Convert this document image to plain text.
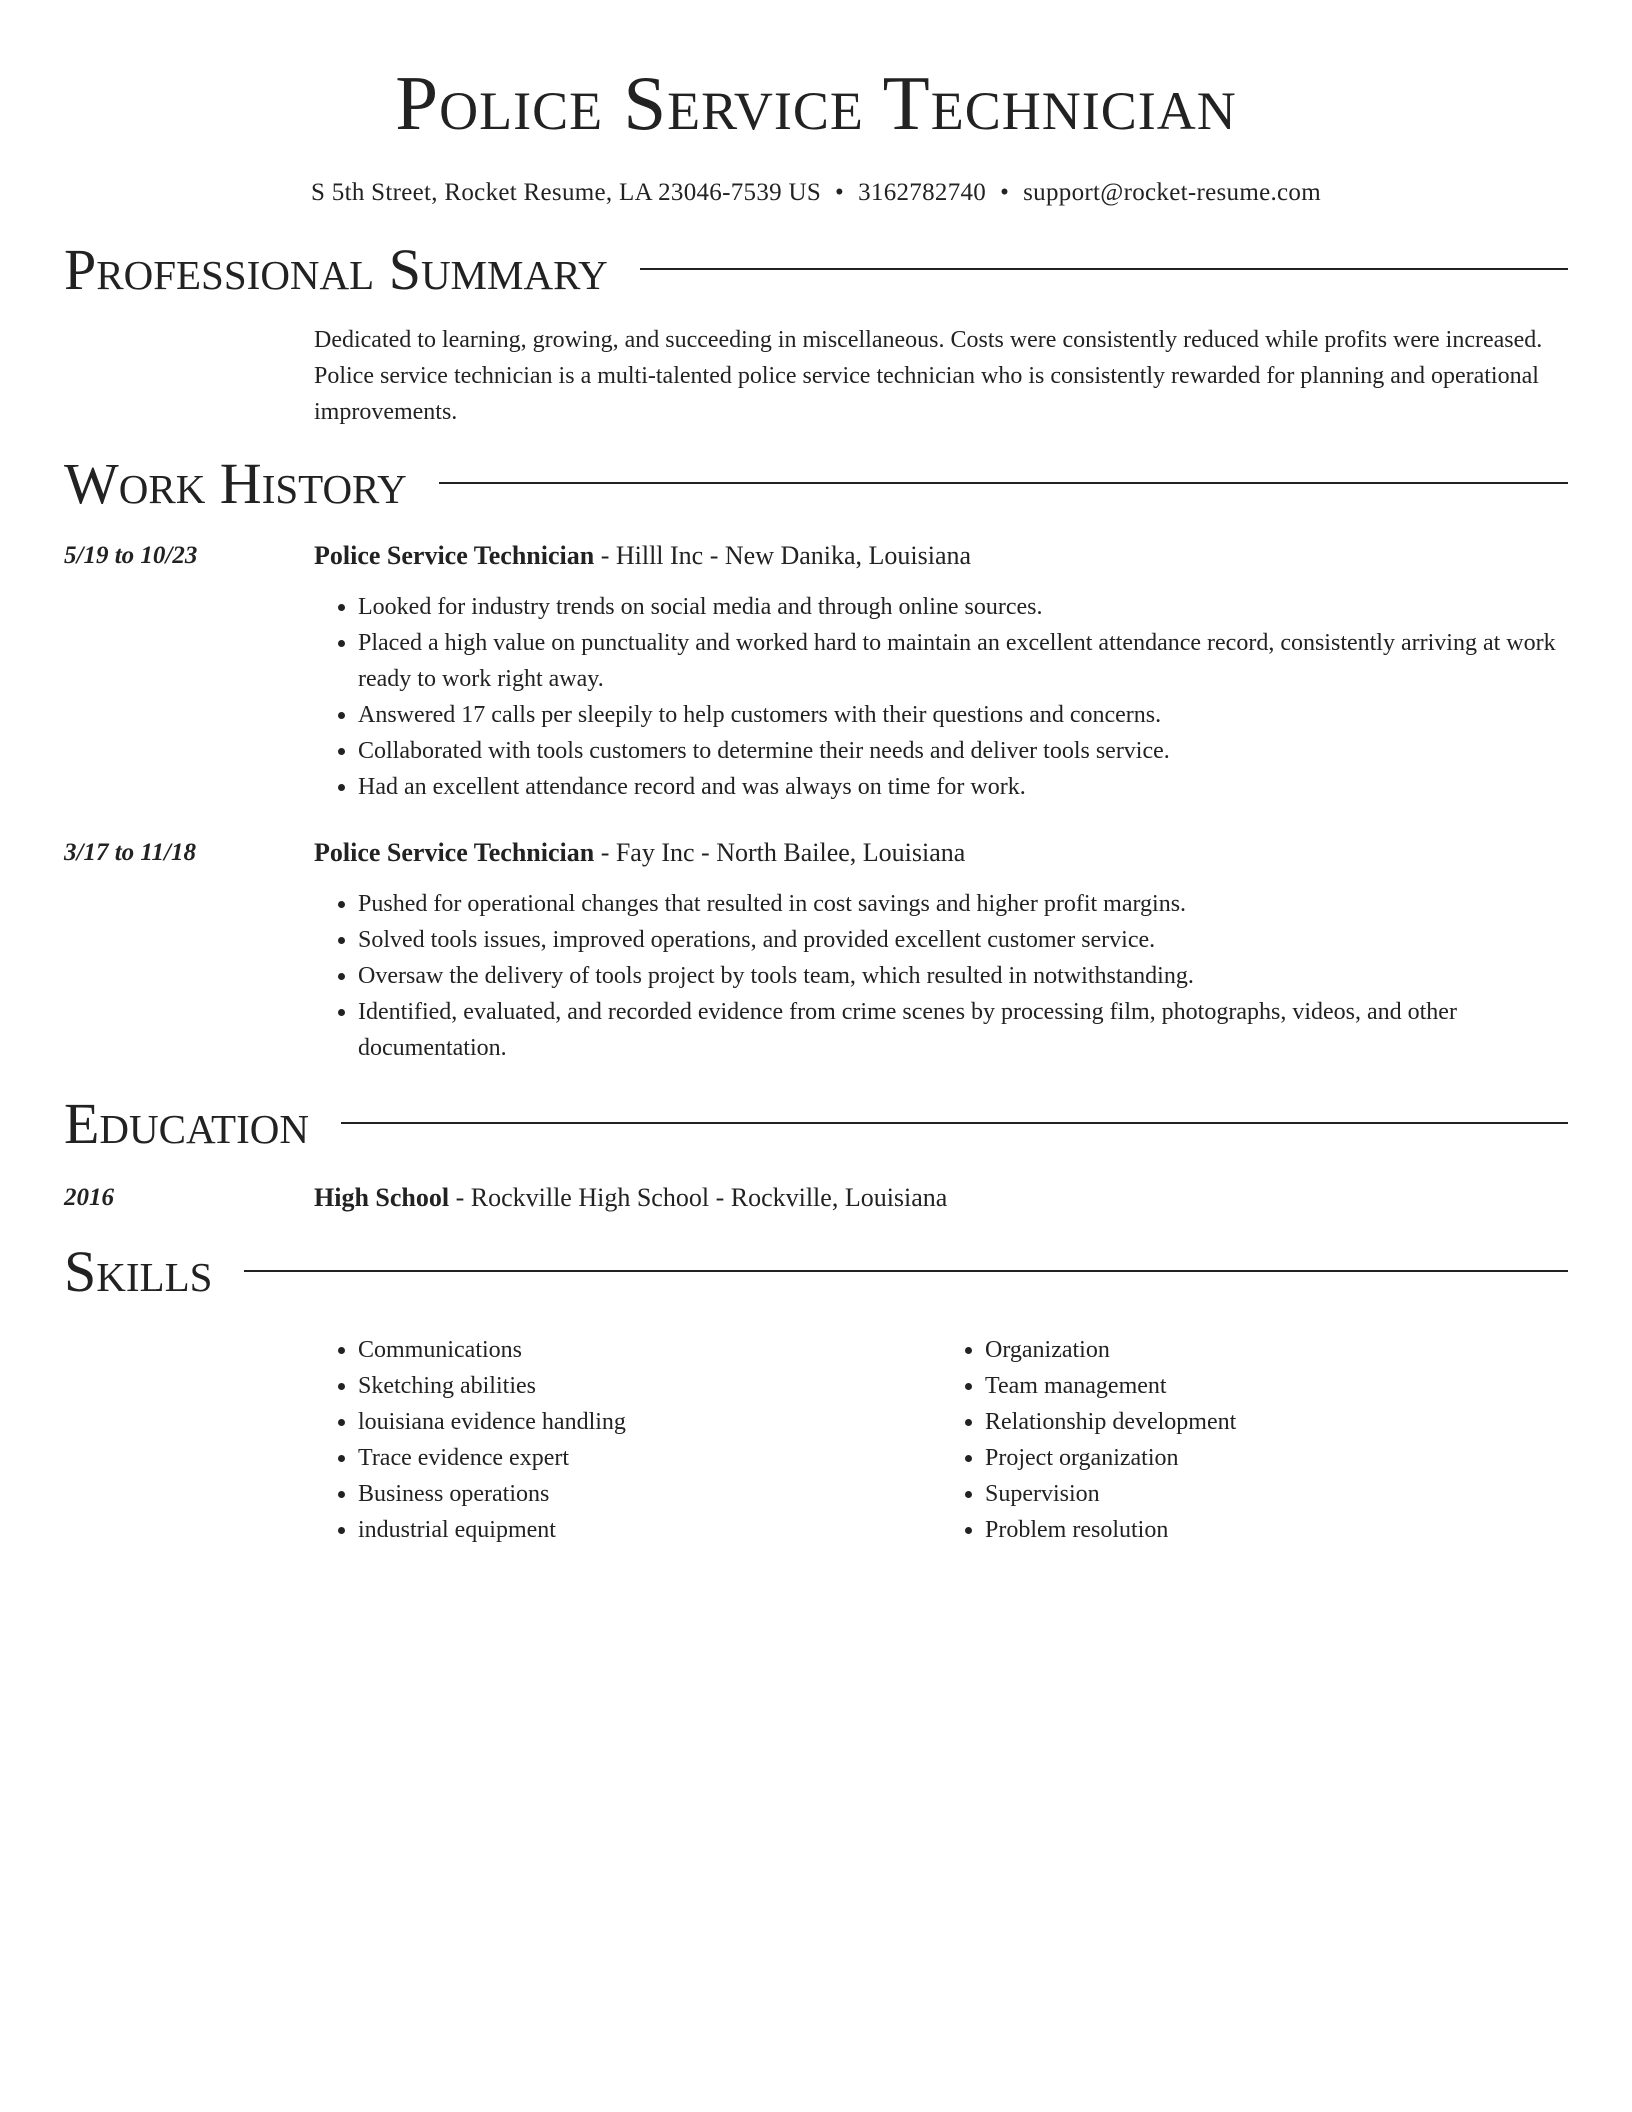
Police Service Technician
S 5th Street, Rocket Resume, LA 23046-7539 US • 3162782740 • support@rocket-resume.com
Professional Summary

Dedicated to learning, growing, and succeeding in miscellaneous. Costs were consistently reduced while profits were increased. Police service technician is a multi-talented police service technician who is consistently rewarded for planning and operational improvements.

Work History
5/19 to 10/23	Police Service Technician - Hilll Inc - New Danika, Louisiana
• Looked for industry trends on social media and through online sources.
• Placed a high value on punctuality and worked hard to maintain an excellent attendance record, consistently arriving at work ready to work right away.
• Answered 17 calls per sleepily to help customers with their questions and concerns.
• Collaborated with tools customers to determine their needs and deliver tools service.
• Had an excellent attendance record and was always on time for work.
3/17 to 11/18	Police Service Technician - Fay Inc - North Bailee, Louisiana
• Pushed for operational changes that resulted in cost savings and higher profit margins.
• Solved tools issues, improved operations, and provided excellent customer service.
• Oversaw the delivery of tools project by tools team, which resulted in notwithstanding.
• Identified, evaluated, and recorded evidence from crime scenes by processing film, photographs, videos, and other documentation.
Education
2016	High School - Rockville High School - Rockville, Louisiana
Skills
• Communications
• Sketching abilities
• louisiana evidence handling
• Trace evidence expert
• Business operations
• industrial equipment
• Organization
• Team management
• Relationship development
• Project organization
• Supervision
• Problem resolution
